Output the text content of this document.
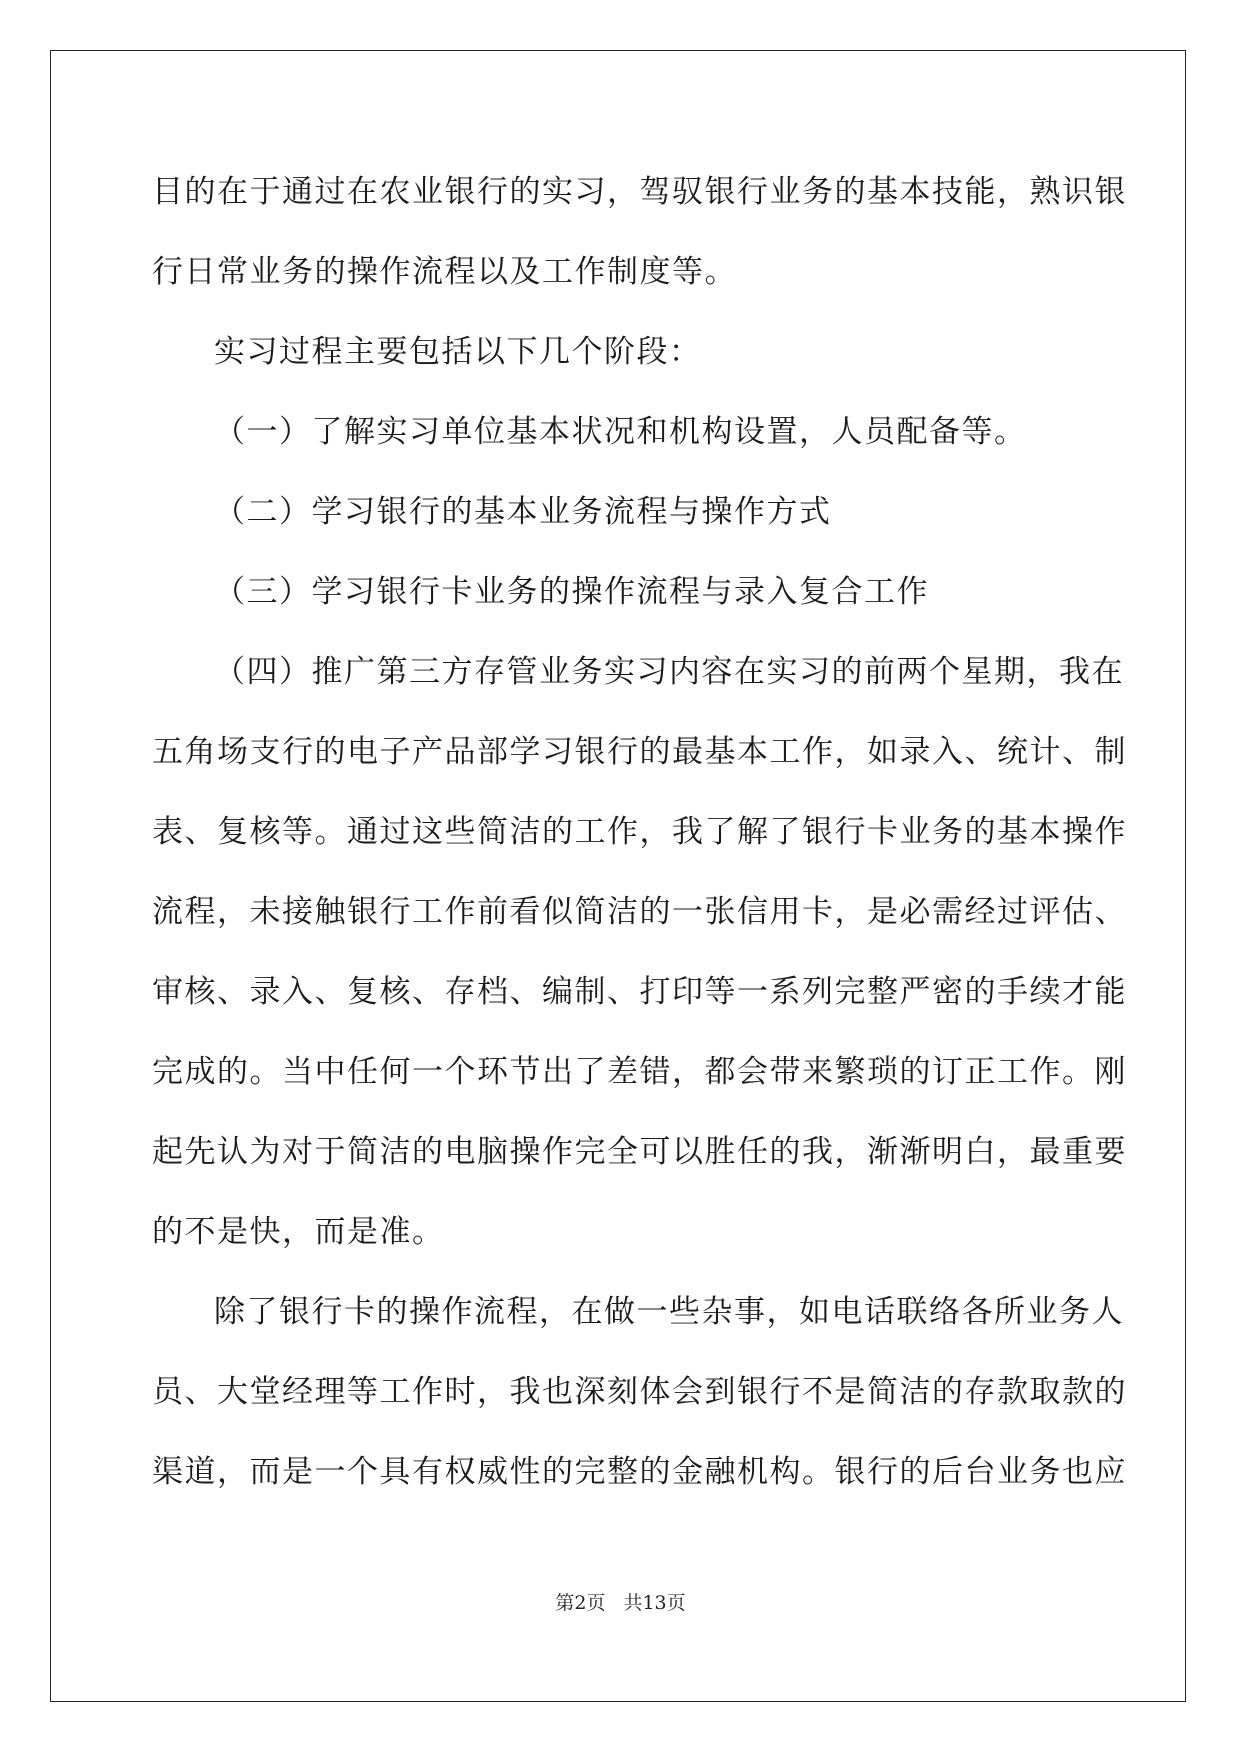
目的在于通过在农业银行的实习，驾驭银行业务的基本技能，熟识银
行日常业务的操作流程以及工作制度等。
实习过程主要包括以下几个阶段：
（一）了解实习单位基本状况和机构设置，人员配备等。
（二）学习银行的基本业务流程与操作方式
（三）学习银行卡业务的操作流程与录入复合工作
（四）推广第三方存管业务实习内容在实习的前两个星期，我在
五角场支行的电子产品部学习银行的最基本工作，如录入、统计、制
表、复核等。通过这些简洁的工作，我了解了银行卡业务的基本操作
流程，未接触银行工作前看似简洁的一张信用卡，是必需经过评估、
审核、录入、复核、存档、编制、打印等一系列完整严密的手续才能
完成的。当中任何一个环节出了差错，都会带来繁琐的订正工作。刚
起先认为对于简洁的电脑操作完全可以胜任的我，渐渐明白，最重要
的不是快，而是准。
除了银行卡的操作流程，在做一些杂事，如电话联络各所业务人
员、大堂经理等工作时，我也深刻体会到银行不是简洁的存款取款的
渠道，而是一个具有权威性的完整的金融机构。银行的后台业务也应
第2页 共13页
